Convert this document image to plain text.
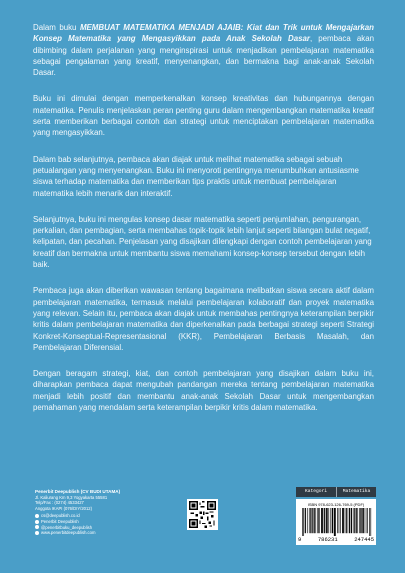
Dalam buku MEMBUAT MATEMATIKA MENJADI AJAIB: Kiat dan Trik untuk Mengajarkan Konsep Matematika yang Mengasyikkan pada Anak Sekolah Dasar, pembaca akan dibimbing dalam perjalanan yang menginspirasi untuk menjadikan pembelajaran matematika sebagai pengalaman yang kreatif, menyenangkan, dan bermakna bagi anak-anak Sekolah Dasar.

Buku ini dimulai dengan memperkenalkan konsep kreativitas dan hubungannya dengan matematika. Penulis menjelaskan peran penting guru dalam mengembangkan matematika kreatif serta memberikan berbagai contoh dan strategi untuk menciptakan pembelajaran matematika yang mengasyikkan.

Dalam bab selanjutnya, pembaca akan diajak untuk melihat matematika sebagai sebuah petualangan yang menyenangkan. Buku ini menyoroti pentingnya menumbuhkan antusiasme siswa terhadap matematika dan memberikan tips praktis untuk membuat pembelajaran matematika lebih menarik dan interaktif.

Selanjutnya, buku ini mengulas konsep dasar matematika seperti penjumlahan, pengurangan, perkalian, dan pembagian, serta membahas topik-topik lebih lanjut seperti bilangan bulat negatif, kelipatan, dan pecahan. Penjelasan yang disajikan dilengkapi dengan contoh pembelajaran yang kreatif dan bermakna untuk membantu siswa memahami konsep-konsep tersebut dengan lebih baik.

Pembaca juga akan diberikan wawasan tentang bagaimana melibatkan siswa secara aktif dalam pembelajaran matematika, termasuk melalui pembelajaran kolaboratif dan proyek matematika yang relevan. Selain itu, pembaca akan diajak untuk membahas pentingnya keterampilan berpikir kritis dalam pembelajaran matematika dan diperkenalkan pada berbagai strategi seperti Strategi Konkret-Konseptual-Representasional (KKR), Pembelajaran Berbasis Masalah, dan Pembelajaran Diferensial.

Dengan beragam strategi, kiat, dan contoh pembelajaran yang disajikan dalam buku ini, diharapkan pembaca dapat mengubah pandangan mereka tentang pembelajaran matematika menjadi lebih positif dan membantu anak-anak Sekolah Dasar untuk mengembangkan pemahaman yang mendalam serta keterampilan berpikir kritis dalam matematika.

Penerbit Deepublish (CV BUDI UTAMA)
Jl. Kaliurang Km 9,3 Yogyakarta 55581
Telp/Fax : (0274) 4533427
Anggota IKAPI (076/DIY/2012)
cs@deepublish.co.id
Penerbit Deepublish
@penerbitbuku_deepublish
www.penerbitdeepublish.com
Kategori	Matematika
ISBN 978-623-126-769-5 (PDF)
9	786231	247445
